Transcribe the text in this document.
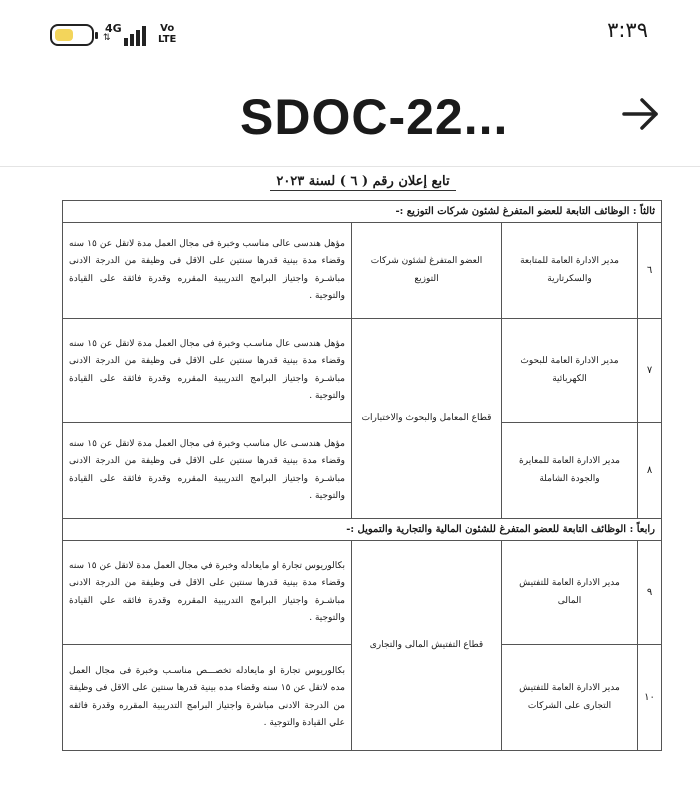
4G
⇅
Vo
LTE	٣:٣٩
SDOC-22...
تابع إعلان رقم ( ٦ ) لسنة ٢٠٢٣
ثالثاً : الوظائف التابعة للعضو المتفرغ لشئون شركات التوزيع :-			
٦	مدير الادارة العامة للمتابعة والسكرتارية	العضو المتفرغ لشئون شركات التوزيع	مؤهل هندسى عالى مناسب وخبرة فى مجال العمل مدة لاتقل عن ١٥ سنه وقضاء مدة بينية قدرها سنتين على الاقل فى وظيفة من الدرجة الادنى مباشـرة واجتياز البرامج التدريبية المقرره وقدرة فائقة على القيادة والتوجية .
٧	مدير الادارة العامة للبحوث الكهربائية	قطاع المعامل والبحوث والاختبارات	مؤهل هندسى عال مناسـب وخبرة فى مجال العمل مدة لاتقل عن ١٥ سنه وقضاء مدة بينية قدرها سنتين على الاقل فى وظيفة من الدرجة الادنى مباشـرة واجتياز البرامج التدريبية المقرره وقدرة فائقة على القيادة والتوجية .
٨	مدير الادارة العامة للمعايرة والجودة الشاملة		مؤهل هندسـى عال مناسب وخبرة فى مجال العمل مدة لاتقل عن ١٥ سنه وقضاء مدة بينية قدرها سنتين على الاقل فى وظيفة من الدرجة الادنى مباشـرة واجتياز البرامج التدريبية المقرره وقدرة فائقة على القيادة والتوجية .
رابعاً : الوظائف التابعة للعضو المتفرغ للشئون المالية والتجارية والتمويل :-			
٩	مدير الادارة العامة للتفتيش المالى	قطاع التفتيش المالى والتجارى	بكالوريوس تجارة او مايعادله وخبرة في مجال العمل مدة لاتقل عن ١٥ سنه وقضاء مدة بينية قدرها سنتين على الاقل فى وظيفة من الدرجة الادنى مباشـرة واجتياز البرامج التدريبية المقرره وقدرة فائقه علي القيادة والتوجية .
١٠	مدير الادارة العامة للتفتيش التجارى على الشركات		بكالوريوس تجارة او مايعادله تخصـــص مناسـب وخبرة فى مجال العمل مده لاتقل عن ١٥ سنه وقضاء مده بينية قدرها سنتين على الاقل فى وظيفة من الدرجة الادنى مباشرة واجتياز البرامج التدريبية المقرره وقدرة فائقه علي القيادة والتوجية .
